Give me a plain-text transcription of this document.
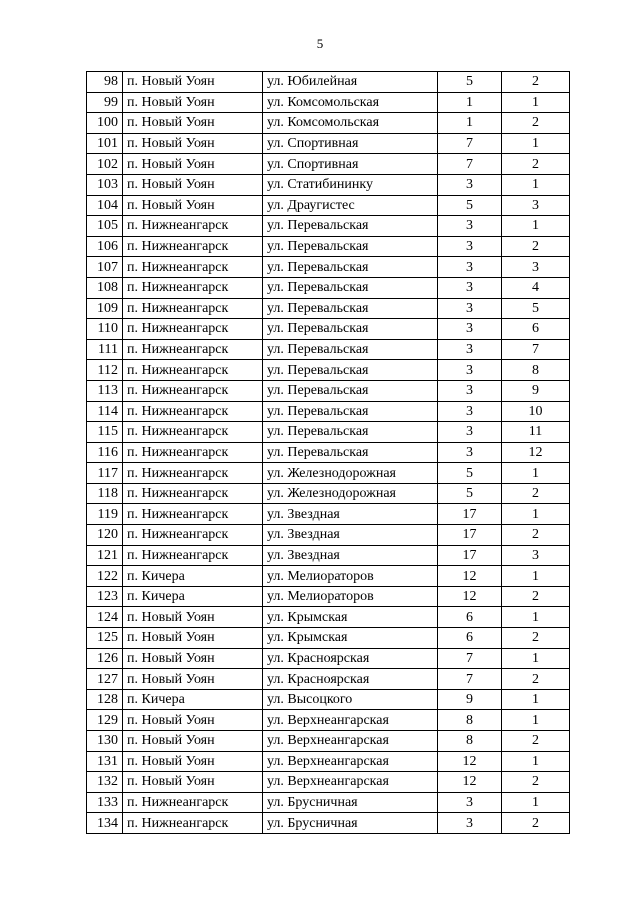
5
98	п. Новый Уоян	ул. Юбилейная	5	2
99	п. Новый Уоян	ул. Комсомольская	1	1
100	п. Новый Уоян	ул. Комсомольская	1	2
101	п. Новый Уоян	ул. Спортивная	7	1
102	п. Новый Уоян	ул. Спортивная	7	2
103	п. Новый Уоян	ул. Статибининку	3	1
104	п. Новый Уоян	ул. Драугистес	5	3
105	п. Нижнеангарск	ул. Перевальская	3	1
106	п. Нижнеангарск	ул. Перевальская	3	2
107	п. Нижнеангарск	ул. Перевальская	3	3
108	п. Нижнеангарск	ул. Перевальская	3	4
109	п. Нижнеангарск	ул. Перевальская	3	5
110	п. Нижнеангарск	ул. Перевальская	3	6
111	п. Нижнеангарск	ул. Перевальская	3	7
112	п. Нижнеангарск	ул. Перевальская	3	8
113	п. Нижнеангарск	ул. Перевальская	3	9
114	п. Нижнеангарск	ул. Перевальская	3	10
115	п. Нижнеангарск	ул. Перевальская	3	11
116	п. Нижнеангарск	ул. Перевальская	3	12
117	п. Нижнеангарск	ул. Железнодорожная	5	1
118	п. Нижнеангарск	ул. Железнодорожная	5	2
119	п. Нижнеангарск	ул. Звездная	17	1
120	п. Нижнеангарск	ул. Звездная	17	2
121	п. Нижнеангарск	ул. Звездная	17	3
122	п. Кичера	ул. Мелиораторов	12	1
123	п. Кичера	ул. Мелиораторов	12	2
124	п. Новый Уоян	ул. Крымская	6	1
125	п. Новый Уоян	ул. Крымская	6	2
126	п. Новый Уоян	ул. Красноярская	7	1
127	п. Новый Уоян	ул. Красноярская	7	2
128	п. Кичера	ул. Высоцкого	9	1
129	п. Новый Уоян	ул. Верхнеангарская	8	1
130	п. Новый Уоян	ул. Верхнеангарская	8	2
131	п. Новый Уоян	ул. Верхнеангарская	12	1
132	п. Новый Уоян	ул. Верхнеангарская	12	2
133	п. Нижнеангарск	ул. Брусничная	3	1
134	п. Нижнеангарск	ул. Брусничная	3	2
